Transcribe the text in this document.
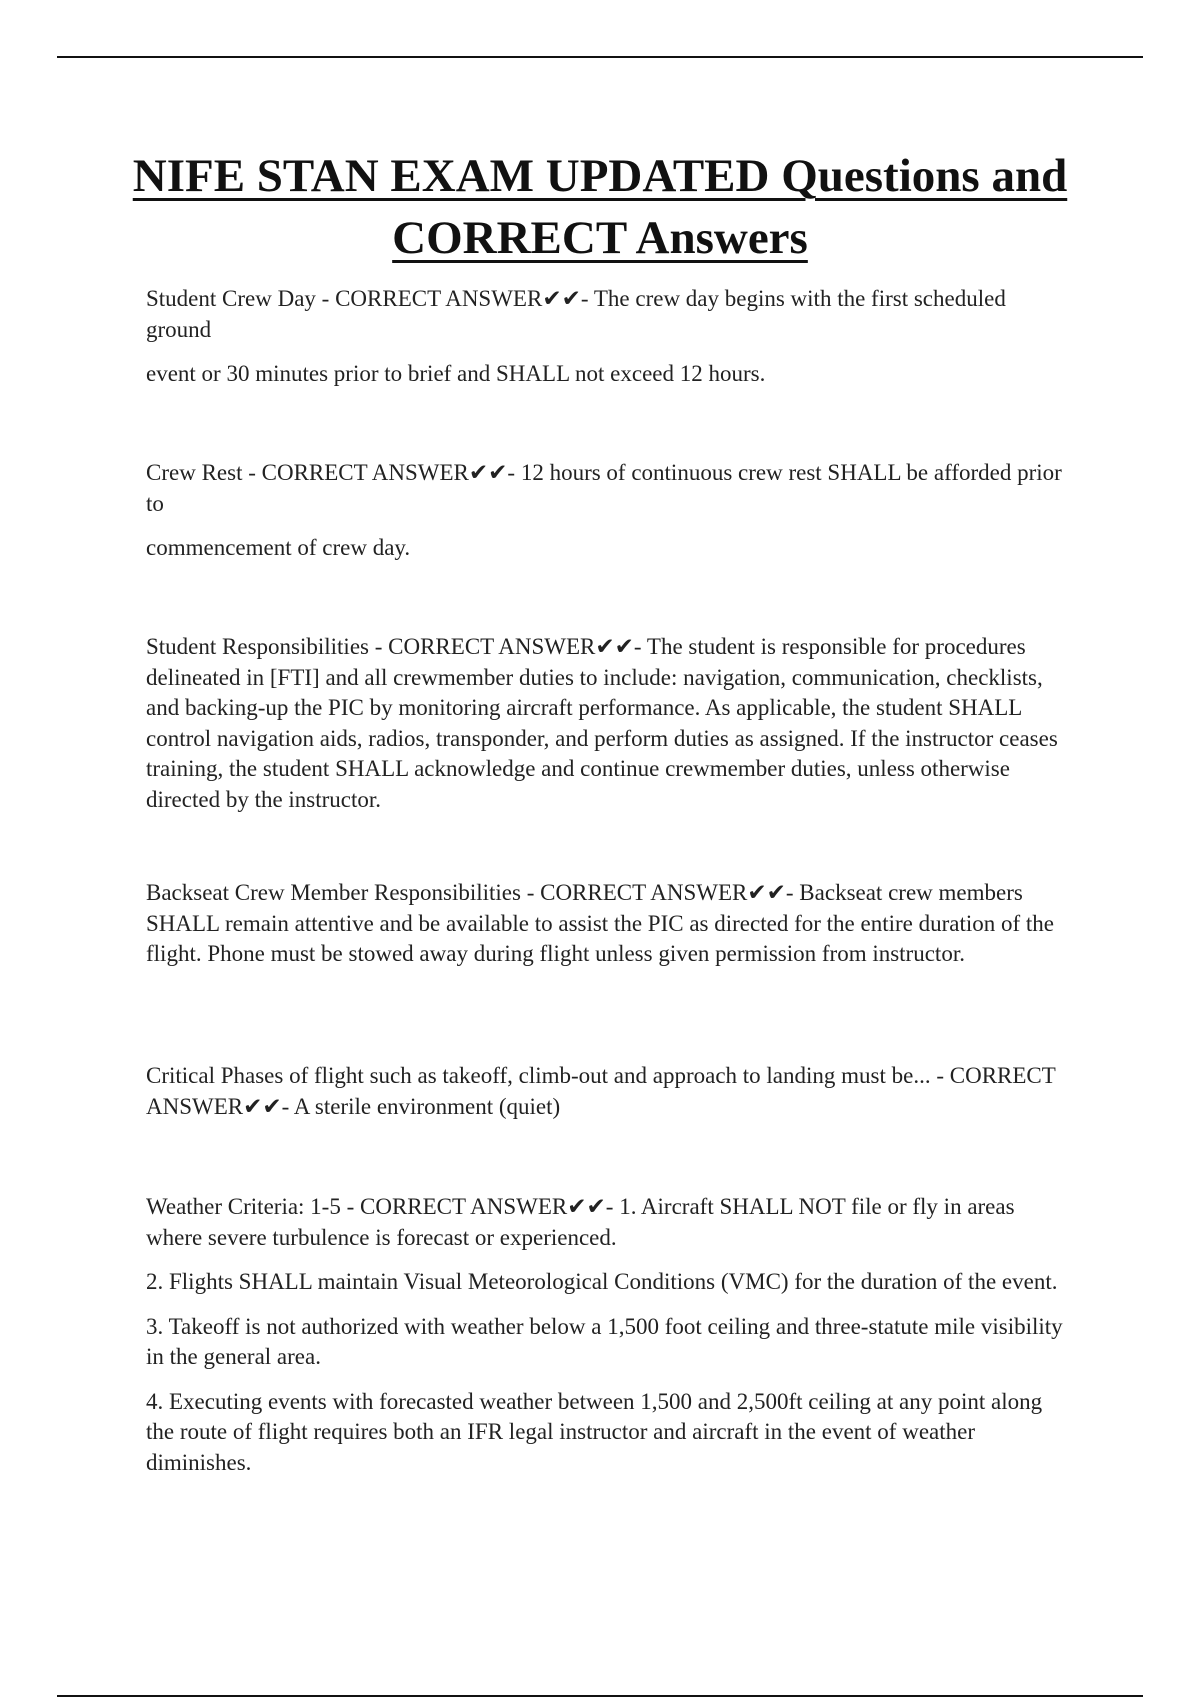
NIFE STAN EXAM UPDATED Questions and CORRECT Answers

Student Crew Day - CORRECT ANSWER✔✔- The crew day begins with the first scheduled ground

event or 30 minutes prior to brief and SHALL not exceed 12 hours.

Crew Rest - CORRECT ANSWER✔✔- 12 hours of continuous crew rest SHALL be afforded prior to

commencement of crew day.

Student Responsibilities - CORRECT ANSWER✔✔- The student is responsible for procedures delineated in [FTI] and all crewmember duties to include: navigation, communication, checklists, and backing-up the PIC by monitoring aircraft performance. As applicable, the student SHALL control navigation aids, radios, transponder, and perform duties as assigned. If the instructor ceases training, the student SHALL acknowledge and continue crewmember duties, unless otherwise directed by the instructor.

Backseat Crew Member Responsibilities - CORRECT ANSWER✔✔- Backseat crew members SHALL remain attentive and be available to assist the PIC as directed for the entire duration of the flight. Phone must be stowed away during flight unless given permission from instructor.

Critical Phases of flight such as takeoff, climb-out and approach to landing must be... - CORRECT ANSWER✔✔- A sterile environment (quiet)

Weather Criteria: 1-5 - CORRECT ANSWER✔✔- 1. Aircraft SHALL NOT file or fly in areas where severe turbulence is forecast or experienced.

2. Flights SHALL maintain Visual Meteorological Conditions (VMC) for the duration of the event.

3. Takeoff is not authorized with weather below a 1,500 foot ceiling and three-statute mile visibility in the general area.

4. Executing events with forecasted weather between 1,500 and 2,500ft ceiling at any point along the route of flight requires both an IFR legal instructor and aircraft in the event of weather diminishes.
